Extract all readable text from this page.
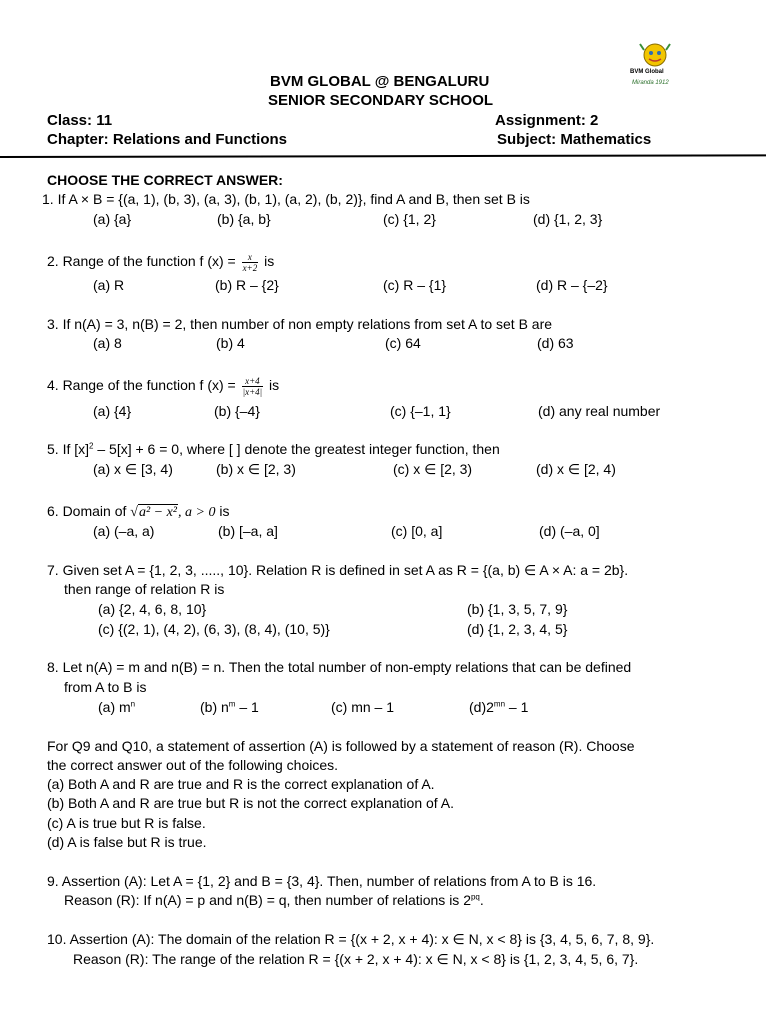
BVM Global
Miranda 1912
BVM GLOBAL @ BENGALURU
SENIOR SECONDARY SCHOOL
Class: 11	Assignment: 2
Chapter: Relations and Functions	Subject: Mathematics
CHOOSE THE CORRECT ANSWER:
1. If A × B = {(a, 1), (b, 3), (a, 3), (b, 1), (a, 2), (b, 2)}, find A and B, then set B is
(a) {a}	(b) {a, b}	(c) {1, 2}	(d) {1, 2, 3}
2. Range of the function f $(x) = \frac{x}{x+2}$ is
(a) R	(b) R – {2}	(c) R – {1}	(d) R – {–2}
3. If n(A) = 3, n(B) = 2, then number of non empty relations from set A to set B are
(a) 8	(b) 4	(c) 64	(d) 63
4. Range of the function f $(x) = \frac{x+4}{|x+4|}$ is
(a) {4}	(b) {–4}	(c) {–1, 1}	(d) any real number
5. If $[x]^2 - 5[x] + 6 = 0$, where [ ] denote the greatest integer function, then
(a) x ∈ [3, 4)	(b) x ∈ [2, 3)	(c) x ∈ [2, 3)	(d) x ∈ [2, 4)
6. Domain of √a² − x², a > 0 is
(a) (–a, a)	(b) [–a, a]	(c) [0, a]	(d) (–a, 0]
7. Given set A = {1, 2, 3, ....., 10}. Relation R is defined in set A as R = {(a, b) ∈ A × A: a = 2b}.
then range of relation R is
(a) {2, 4, 6, 8, 10}	(b) {1, 3, 5, 7, 9}
(c) {(2, 1), (4, 2), (6, 3), (8, 4), (10, 5)}	(d) {1, 2, 3, 4, 5}
8. Let n(A) = m and n(B) = n. Then the total number of non-empty relations that can be defined
from A to B is
(a) $m^n$	(b) $n^m - 1$	(c) mn – 1	$(d)2^{mn} - 1$
For Q9 and Q10, a statement of assertion (A) is followed by a statement of reason (R). Choose
the correct answer out of the following choices.
(a) Both A and R are true and R is the correct explanation of A.
(b) Both A and R are true but R is not the correct explanation of A.
(c) A is true but R is false.
(d) A is false but R is true.
9. Assertion (A): Let A = {1, 2} and B = {3, 4}. Then, number of relations from A to B is 16.
Reason (R): If n(A) = p and n(B) = q, then number of relations is $2^{pq}$.
10. Assertion (A): The domain of the relation R = {(x + 2, x + 4): x ∈ N, x < 8} is {3, 4, 5, 6, 7, 8, 9}.
Reason (R): The range of the relation R = {(x + 2, x + 4): x ∈ N, x < 8} is {1, 2, 3, 4, 5, 6, 7}.
